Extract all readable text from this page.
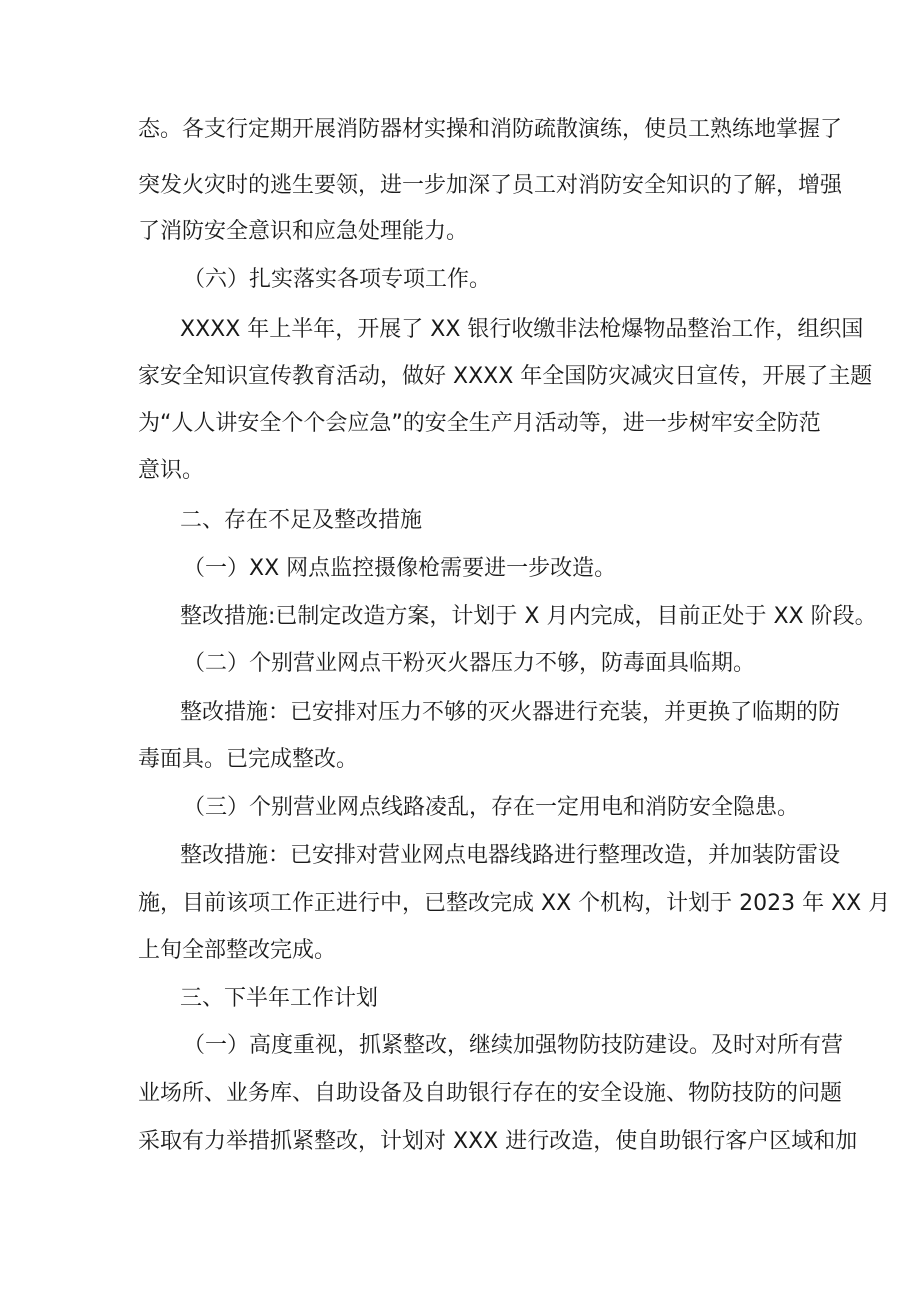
态。各支行定期开展消防器材实操和消防疏散演练，使员工熟练地掌握了
突发火灾时的逃生要领，进一步加深了员工对消防安全知识的了解，增强
了消防安全意识和应急处理能力。
（六）扎实落实各项专项工作。
XXXX 年上半年，开展了 XX 银行收缴非法枪爆物品整治工作，组织国
家安全知识宣传教育活动，做好 XXXX 年全国防灾减灾日宣传，开展了主题
为“人人讲安全个个会应急”的安全生产月活动等，进一步树牢安全防范
意识。
二、存在不足及整改措施
（一）XX 网点监控摄像枪需要进一步改造。
整改措施:已制定改造方案，计划于 X 月内完成，目前正处于 XX 阶段。
（二）个别营业网点干粉灭火器压力不够，防毒面具临期。
整改措施：已安排对压力不够的灭火器进行充装，并更换了临期的防
毒面具。已完成整改。
（三）个别营业网点线路凌乱，存在一定用电和消防安全隐患。
整改措施：已安排对营业网点电器线路进行整理改造，并加装防雷设
施，目前该项工作正进行中，已整改完成 XX 个机构，计划于 2023 年 XX 月
上旬全部整改完成。
三、下半年工作计划
（一）高度重视，抓紧整改，继续加强物防技防建设。及时对所有营
业场所、业务库、自助设备及自助银行存在的安全设施、物防技防的问题
采取有力举措抓紧整改，计划对 XXX 进行改造，使自助银行客户区域和加
